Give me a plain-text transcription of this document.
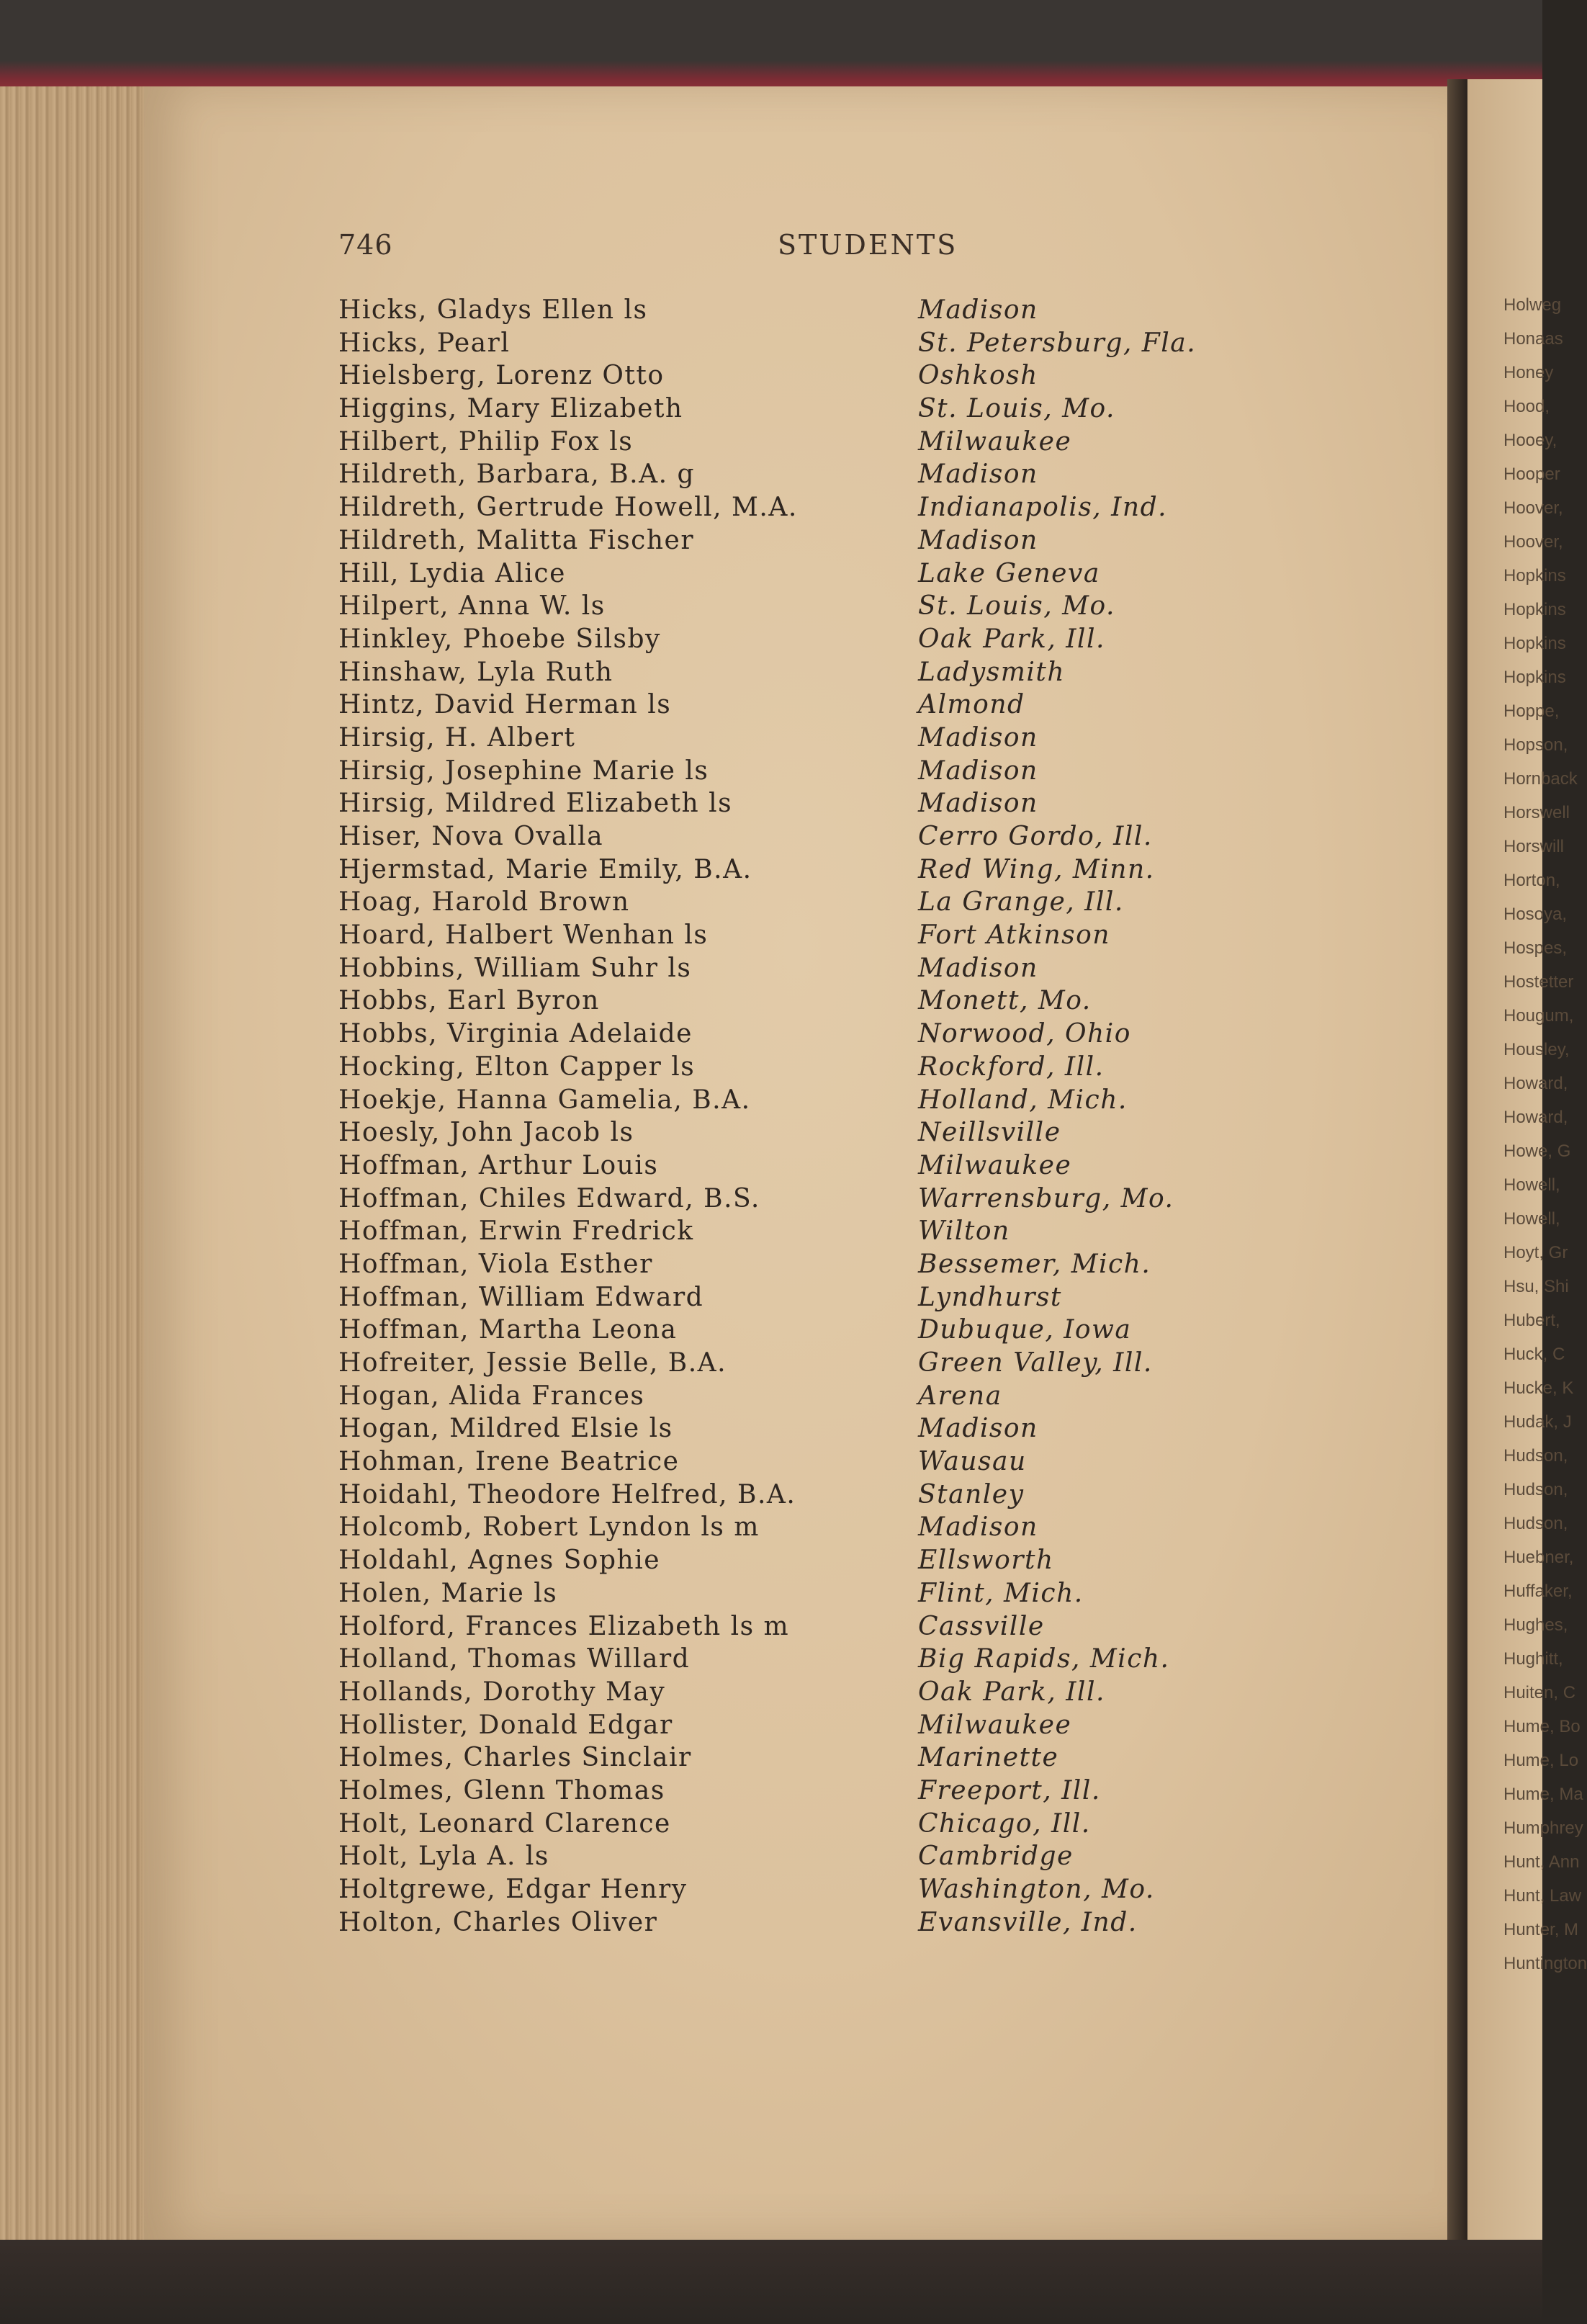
Holweg
Honaas
Honey
Hood,
Hooey,
Hooper
Hoover,
Hoover,
Hopkins
Hopkins
Hopkins
Hopkins
Hoppe,
Hopson,
Hornback
Horswell
Horswill
Horton,
Hosoya,
Hospes,
Hostetter
Hougum,
Housley,
Howard,
Howard,
Howe, G
Howell,
Howell,
Hoyt, Gr
Hsu, Shi
Hubert,
Huck, C
Hucke, K
Hudak, J
Hudson,
Hudson,
Hudson,
Huebner,
Huffaker,
Hughes,
Hughitt,
Huiten, C
Hume, Bo
Hume, Lo
Hume, Ma
Humphrey
Hunt, Ann
Hunt, Law
Hunter, M
Huntington
746	STUDENTS
Hicks, Gladys Ellen ls	Madison
Hicks, Pearl	St. Petersburg, Fla.
Hielsberg, Lorenz Otto	Oshkosh
Higgins, Mary Elizabeth	St. Louis, Mo.
Hilbert, Philip Fox ls	Milwaukee
Hildreth, Barbara, B.A. g	Madison
Hildreth, Gertrude Howell, M.A.	Indianapolis, Ind.
Hildreth, Malitta Fischer	Madison
Hill, Lydia Alice	Lake Geneva
Hilpert, Anna W. ls	St. Louis, Mo.
Hinkley, Phoebe Silsby	Oak Park, Ill.
Hinshaw, Lyla Ruth	Ladysmith
Hintz, David Herman ls	Almond
Hirsig, H. Albert	Madison
Hirsig, Josephine Marie ls	Madison
Hirsig, Mildred Elizabeth ls	Madison
Hiser, Nova Ovalla	Cerro Gordo, Ill.
Hjermstad, Marie Emily, B.A.	Red Wing, Minn.
Hoag, Harold Brown	La Grange, Ill.
Hoard, Halbert Wenhan ls	Fort Atkinson
Hobbins, William Suhr ls	Madison
Hobbs, Earl Byron	Monett, Mo.
Hobbs, Virginia Adelaide	Norwood, Ohio
Hocking, Elton Capper ls	Rockford, Ill.
Hoekje, Hanna Gamelia, B.A.	Holland, Mich.
Hoesly, John Jacob ls	Neillsville
Hoffman, Arthur Louis	Milwaukee
Hoffman, Chiles Edward, B.S.	Warrensburg, Mo.
Hoffman, Erwin Fredrick	Wilton
Hoffman, Viola Esther	Bessemer, Mich.
Hoffman, William Edward	Lyndhurst
Hoffman, Martha Leona	Dubuque, Iowa
Hofreiter, Jessie Belle, B.A.	Green Valley, Ill.
Hogan, Alida Frances	Arena
Hogan, Mildred Elsie ls	Madison
Hohman, Irene Beatrice	Wausau
Hoidahl, Theodore Helfred, B.A.	Stanley
Holcomb, Robert Lyndon ls m	Madison
Holdahl, Agnes Sophie	Ellsworth
Holen, Marie ls	Flint, Mich.
Holford, Frances Elizabeth ls m	Cassville
Holland, Thomas Willard	Big Rapids, Mich.
Hollands, Dorothy May	Oak Park, Ill.
Hollister, Donald Edgar	Milwaukee
Holmes, Charles Sinclair	Marinette
Holmes, Glenn Thomas	Freeport, Ill.
Holt, Leonard Clarence	Chicago, Ill.
Holt, Lyla A. ls	Cambridge
Holtgrewe, Edgar Henry	Washington, Mo.
Holton, Charles Oliver	Evansville, Ind.
